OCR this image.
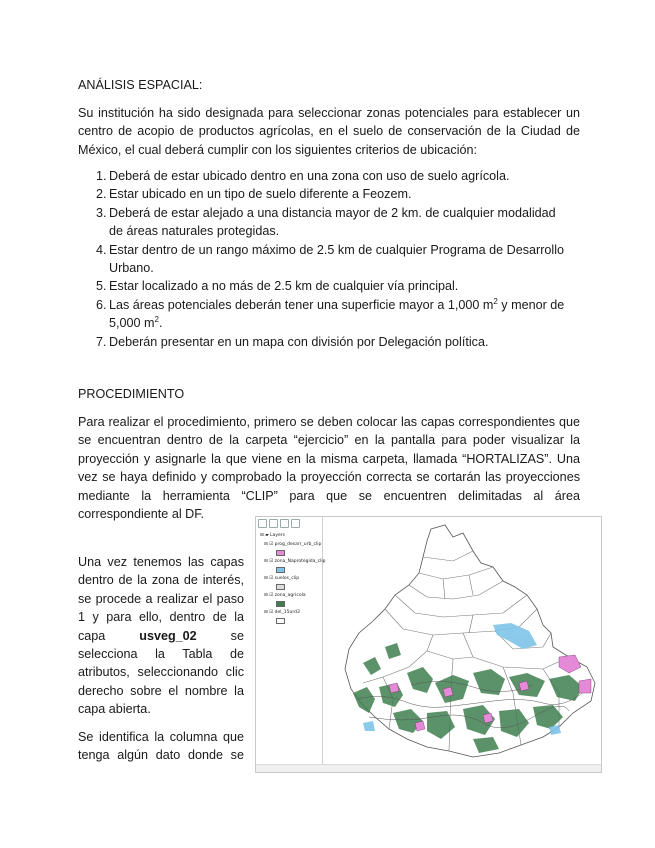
ANÁLISIS ESPACIAL:
Su institución ha sido designada para seleccionar zonas potenciales para establecer un
centro de acopio de productos agrícolas, en el suelo de conservación de la Ciudad de
México, el cual deberá cumplir con los siguientes criterios de ubicación:
1. Deberá de estar ubicado dentro en una zona con uso de suelo agrícola.
2. Estar ubicado en un tipo de suelo diferente a Feozem.
3. Deberá de estar alejado a una distancia mayor de 2 km. de cualquier modalidad
de áreas naturales protegidas.
4. Estar dentro de un rango máximo de 2.5 km de cualquier Programa de Desarrollo
Urbano.
5. Estar localizado a no más de 2.5 km de cualquier vía principal.
6. Las áreas potenciales deberán tener una superficie mayor a 1,000 $m^2$ y menor de
5,000 $m^2$.
7. Deberán presentar en un mapa con división por Delegación política.
PROCEDIMIENTO
Para realizar el procedimiento, primero se deben colocar las capas correspondientes que
se encuentran dentro de la carpeta “ejercicio” en la pantalla para poder visualizar la
proyección y asignarle la que viene en la misma carpeta, llamada “HORTALIZAS”. Una
vez se haya definido y comprobado la proyección correcta se cortarán las proyecciones
mediante la herramienta “CLIP” para que se encuentren delimitadas al área
correspondiente al DF.
Una vez tenemos las capas
dentro de la zona de interés,
se procede a realizar el paso
1 y para ello, dentro de la
capa	usveg_02	se
selecciona la Tabla de
atributos, seleccionando clic
derecho sobre el nombre la
capa abierta.
Se identifica la columna que
tenga algún dato donde se
⊟ ▰ Layers
⊟ ☑ prog_desarr_urb_clip
⊟ ☑ zona_Naprotegida_clip
⊟ ☑ suelos_clip
⊟ ☑ zona_agricola
⊟ ☑ del_15urd3
